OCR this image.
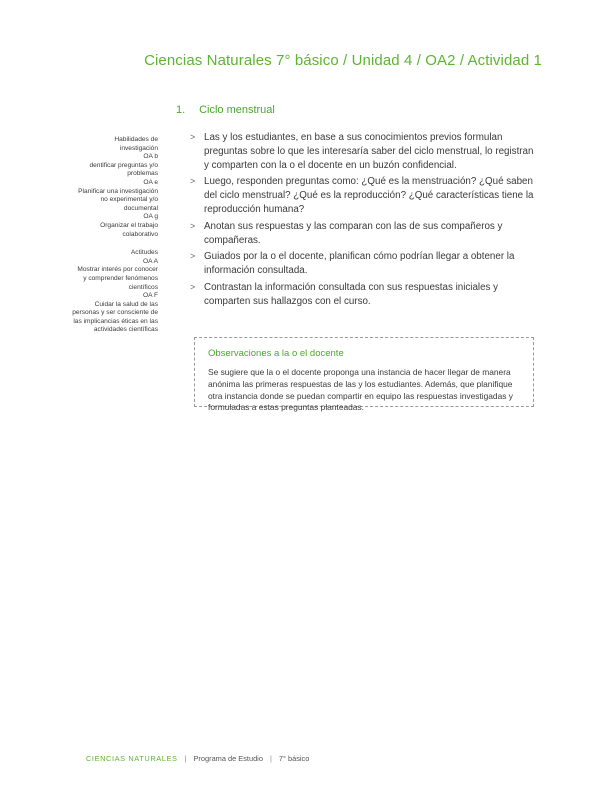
Ciencias Naturales 7° básico / Unidad 4 / OA2 / Actividad 1
1. Ciclo menstrual
Habilidades de
investigación
OA b
dentificar preguntas y/o
problemas
OA e
Planificar una investigación
no experimental y/o
documental
OA g
Organizar el trabajo
colaborativo
Actitudes
OA A
Mostrar interés por conocer
y comprender fenómenos
científicos
OA F
Cuidar la salud de las
personas y ser consciente de
las implicancias éticas en las
actividades científicas
> Las y los estudiantes, en base a sus conocimientos previos formulan preguntas sobre lo que les interesaría saber del ciclo menstrual, lo registran y comparten con la o el docente en un buzón confidencial.
> Luego, responden preguntas como: ¿Qué es la menstruación? ¿Qué saben del ciclo menstrual? ¿Qué es la reproducción? ¿Qué características tiene la reproducción humana?
> Anotan sus respuestas y las comparan con las de sus compañeros y compañeras.
> Guiados por la o el docente, planifican cómo podrían llegar a obtener la información consultada.
> Contrastan la información consultada con sus respuestas iniciales y comparten sus hallazgos con el curso.
Observaciones a la o el docente
Se sugiere que la o el docente proponga una instancia de hacer llegar de manera anónima las primeras respuestas de las y los estudiantes. Además, que planifique otra instancia donde se puedan compartir en equipo las respuestas investigadas y formuladas a estas preguntas planteadas.
CIENCIAS NATURALES | Programa de Estudio | 7° básico
